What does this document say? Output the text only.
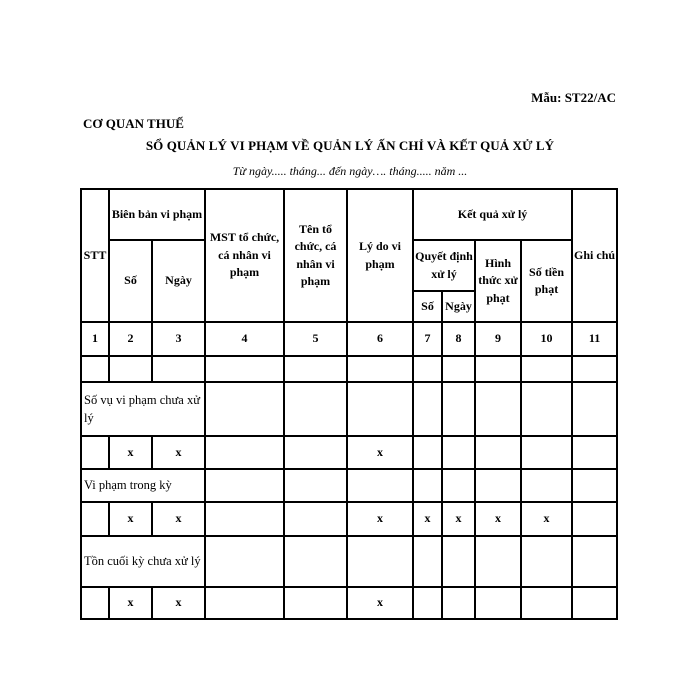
Mẫu: ST22/AC
CƠ QUAN THUẾ
SỔ QUẢN LÝ VI PHẠM VỀ QUẢN LÝ ẤN CHỈ VÀ KẾT QUẢ XỬ LÝ
Từ ngày..... tháng... đến ngày…. tháng..... năm ...
STT	Biên bản vi phạm		MST tổ chức, cá nhân vi phạm	Tên tổ chức, cá nhân vi phạm	Lý do vi phạm	Kết quả xử lý				Ghi chú
	Số	Ngày				Quyết định xử lý		Hình thức xử phạt	Số tiền phạt	
						Số	Ngày			
1	2	3	4	5	6	7	8	9	10	11

Số vụ vi phạm chưa xử lý										
	x	x			x					
Vi phạm trong kỳ										
	x	x			x	x	x	x	x	
Tồn cuối kỳ chưa xử lý										
	x	x			x					
